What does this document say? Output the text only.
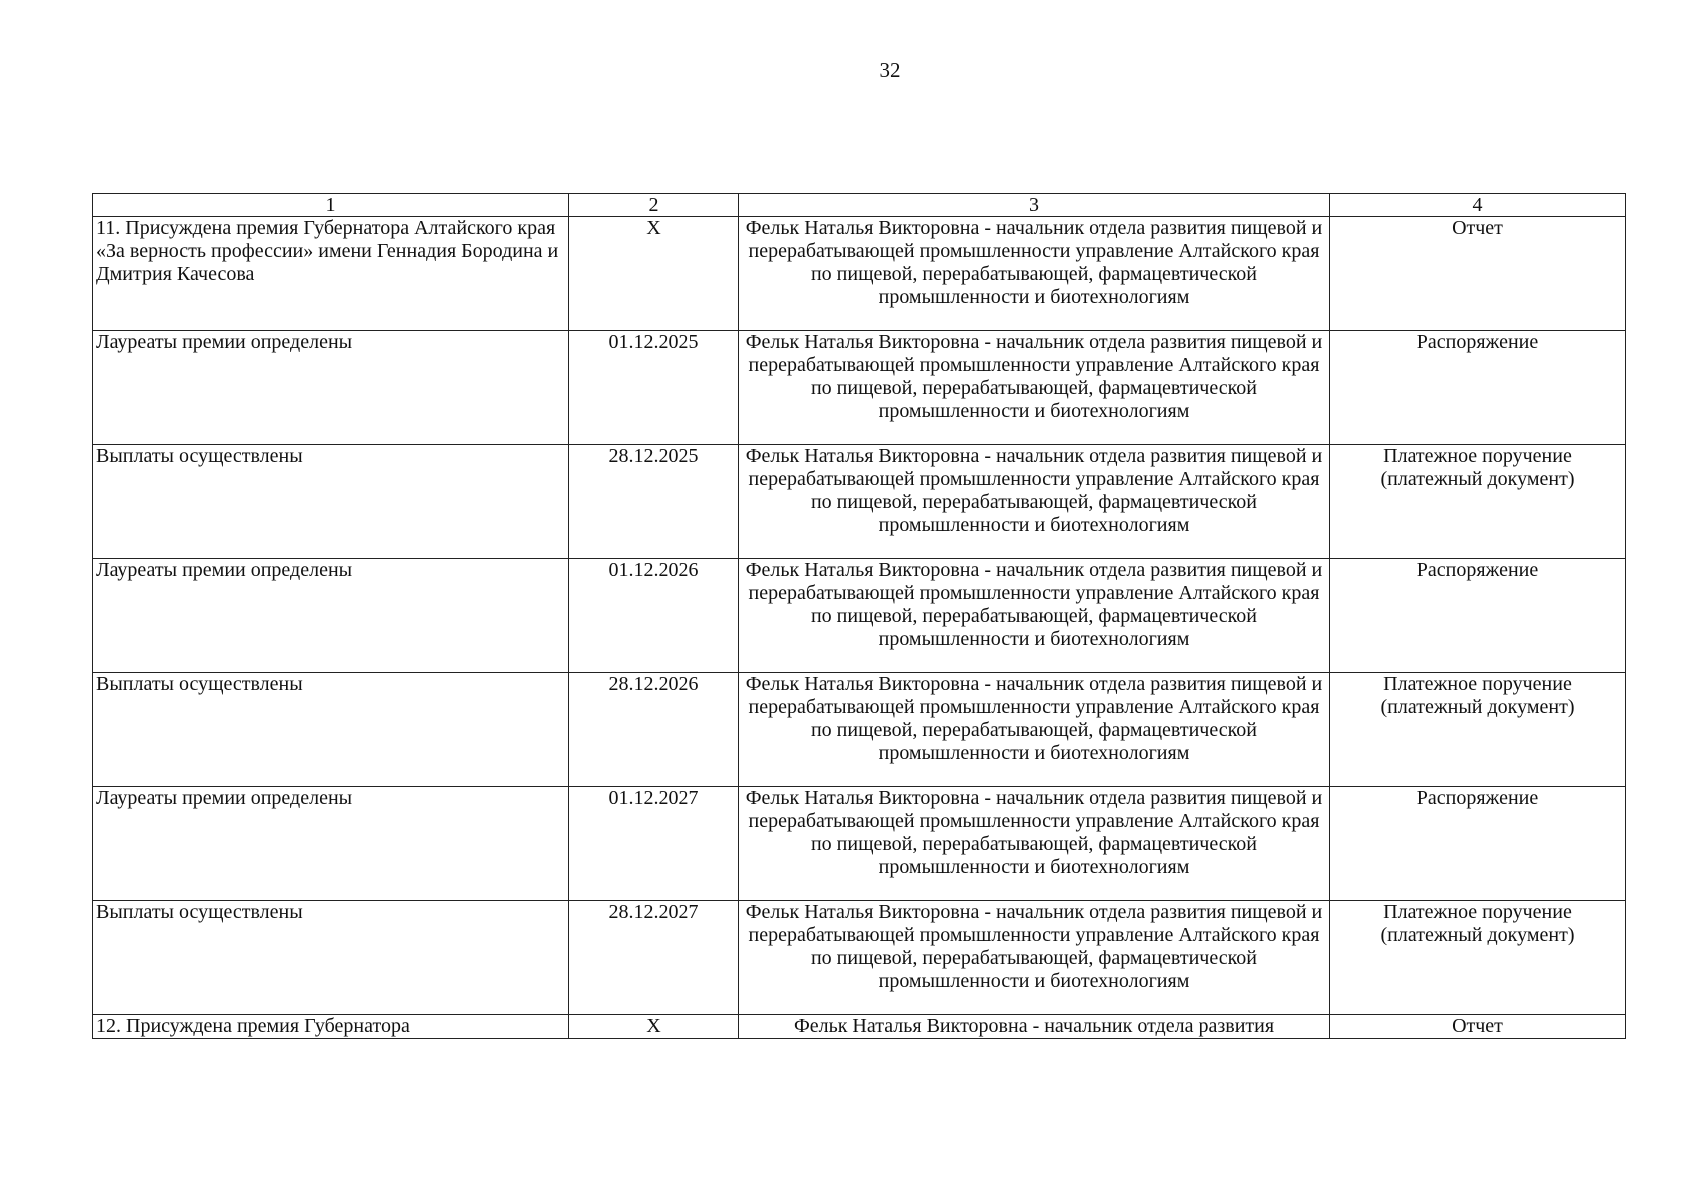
32
1	2	3	4
11. Присуждена премия Губернатора Алтайского края «За верность профессии» имени Геннадия Бородина и Дмитрия Качесова	X	Фельк Наталья Викторовна - начальник отдела развития пищевой и перерабатывающей промышленности управление Алтайского края по пищевой, перерабатывающей, фармацевтической промышленности и биотехнологиям	Отчет
Лауреаты премии определены	01.12.2025	Фельк Наталья Викторовна - начальник отдела развития пищевой и перерабатывающей промышленности управление Алтайского края по пищевой, перерабатывающей, фармацевтической промышленности и биотехнологиям	Распоряжение
Выплаты осуществлены	28.12.2025	Фельк Наталья Викторовна - начальник отдела развития пищевой и перерабатывающей промышленности управление Алтайского края по пищевой, перерабатывающей, фармацевтической промышленности и биотехнологиям	Платежное поручение (платежный документ)
Лауреаты премии определены	01.12.2026	Фельк Наталья Викторовна - начальник отдела развития пищевой и перерабатывающей промышленности управление Алтайского края по пищевой, перерабатывающей, фармацевтической промышленности и биотехнологиям	Распоряжение
Выплаты осуществлены	28.12.2026	Фельк Наталья Викторовна - начальник отдела развития пищевой и перерабатывающей промышленности управление Алтайского края по пищевой, перерабатывающей, фармацевтической промышленности и биотехнологиям	Платежное поручение (платежный документ)
Лауреаты премии определены	01.12.2027	Фельк Наталья Викторовна - начальник отдела развития пищевой и перерабатывающей промышленности управление Алтайского края по пищевой, перерабатывающей, фармацевтической промышленности и биотехнологиям	Распоряжение
Выплаты осуществлены	28.12.2027	Фельк Наталья Викторовна - начальник отдела развития пищевой и перерабатывающей промышленности управление Алтайского края по пищевой, перерабатывающей, фармацевтической промышленности и биотехнологиям	Платежное поручение (платежный документ)
12. Присуждена премия Губернатора	X	Фельк Наталья Викторовна - начальник отдела развития	Отчет
